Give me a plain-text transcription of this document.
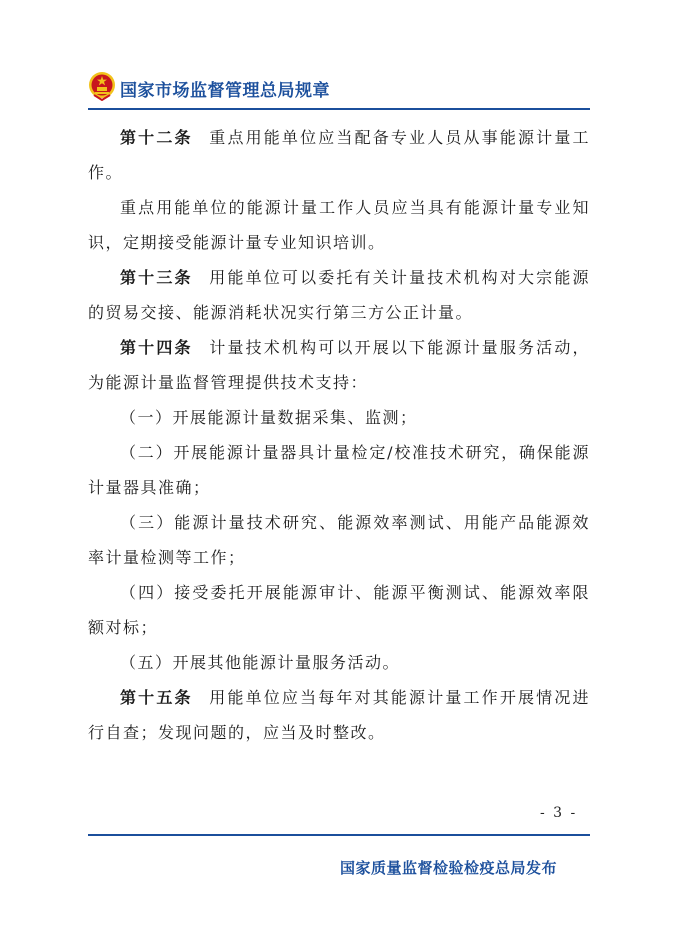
国家市场监督管理总局规章

第十二条 重点用能单位应当配备专业人员从事能源计量工作。

重点用能单位的能源计量工作人员应当具有能源计量专业知识，定期接受能源计量专业知识培训。

第十三条 用能单位可以委托有关计量技术机构对大宗能源的贸易交接、能源消耗状况实行第三方公正计量。

第十四条 计量技术机构可以开展以下能源计量服务活动，为能源计量监督管理提供技术支持：

（一）开展能源计量数据采集、监测；

（二）开展能源计量器具计量检定/校准技术研究，确保能源计量器具准确；

（三）能源计量技术研究、能源效率测试、用能产品能源效率计量检测等工作；

（四）接受委托开展能源审计、能源平衡测试、能源效率限额对标；

（五）开展其他能源计量服务活动。

第十五条 用能单位应当每年对其能源计量工作开展情况进行自查；发现问题的，应当及时整改。

- 3 -
国家质量监督检验检疫总局发布
